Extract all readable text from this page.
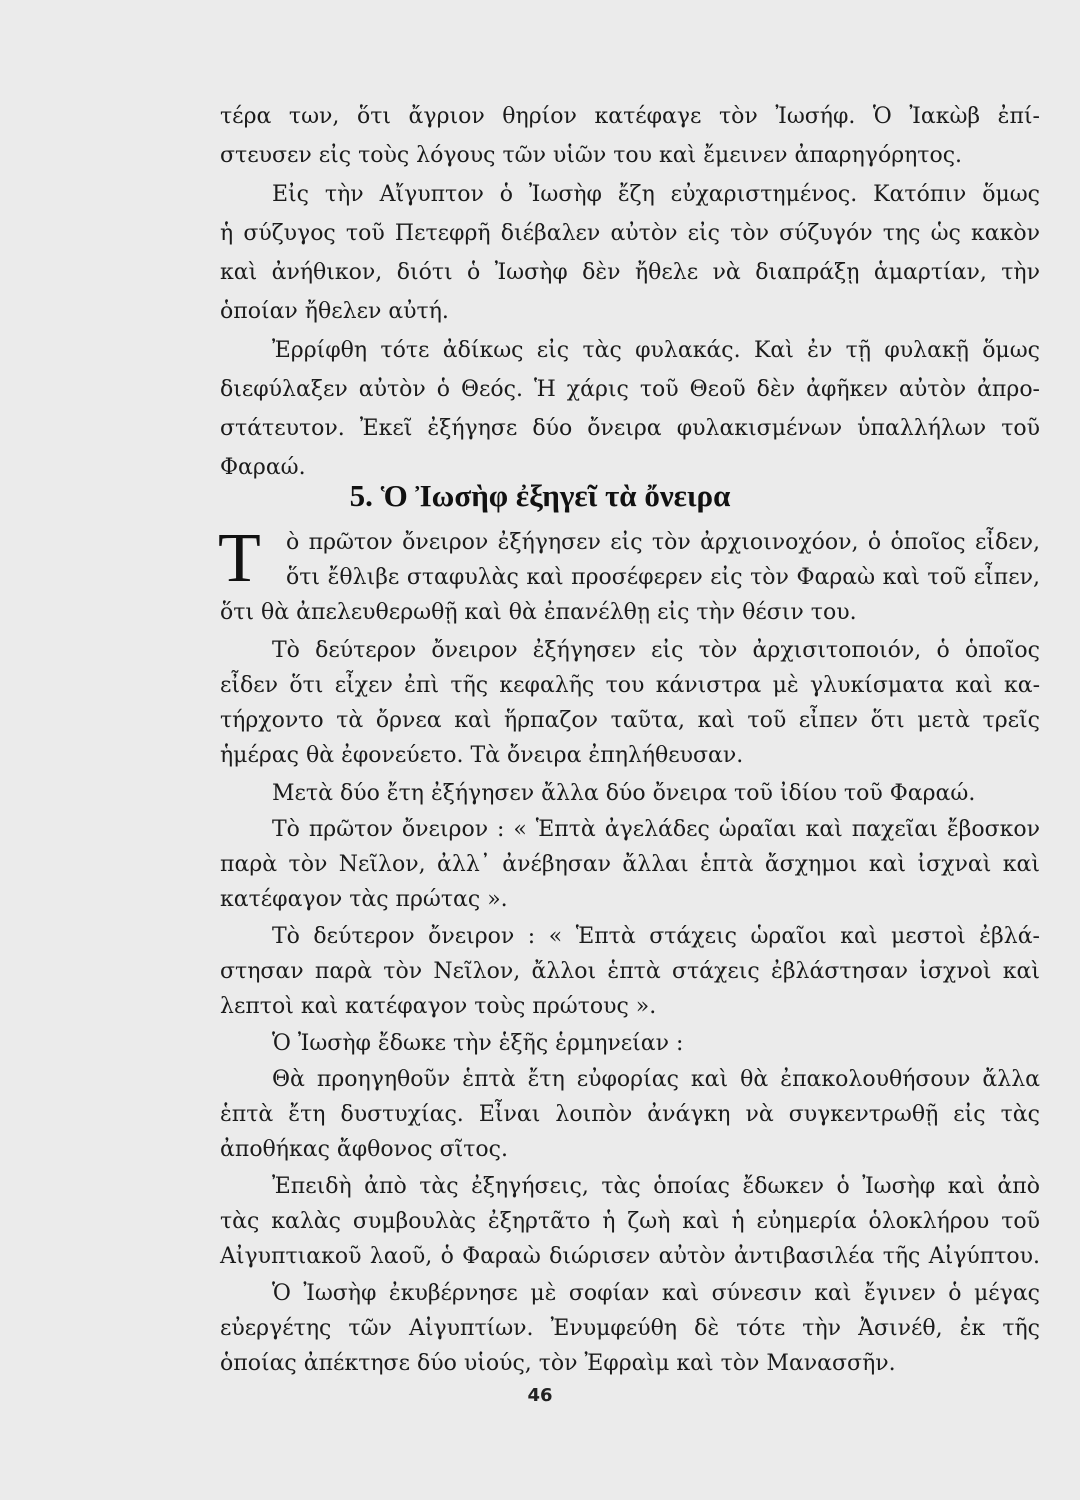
τέρα των, ὅτι ἄγριον θηρίον κατέφαγε τὸν Ἰωσήφ. Ὁ Ἰακὼβ ἐπί-
στευσεν εἰς τοὺς λόγους τῶν υἱῶν του καὶ ἔμεινεν ἀπαρηγόρητος.
Εἰς τὴν Αἴγυπτον ὁ Ἰωσὴφ ἔζη εὐχαριστημένος. Κατόπιν ὅμως
ἡ σύζυγος τοῦ Πετεφρῆ διέβαλεν αὐτὸν εἰς τὸν σύζυγόν της ὡς κακὸν
καὶ ἀνήθικον, διότι ὁ Ἰωσὴφ δὲν ἤθελε νὰ διαπράξῃ ἁμαρτίαν, τὴν
ὁποίαν ἤθελεν αὐτή.
Ἐρρίφθη τότε ἀδίκως εἰς τὰς φυλακάς. Καὶ ἐν τῇ φυλακῇ ὅμως
διεφύλαξεν αὐτὸν ὁ Θεός. Ἡ χάρις τοῦ Θεοῦ δὲν ἀφῆκεν αὐτὸν ἀπρο-
στάτευτον. Ἐκεῖ ἐξήγησε δύο ὄνειρα φυλακισμένων ὑπαλλήλων τοῦ
Φαραώ.
5. Ὁ Ἰωσὴφ ἐξηγεῖ τὰ ὄνειρα
Τ ὸ πρῶτον ὄνειρον ἐξήγησεν εἰς τὸν ἀρχιοινοχόον, ὁ ὁποῖος εἶδεν,
ὅτι ἔθλιβε σταφυλὰς καὶ προσέφερεν εἰς τὸν Φαραὼ καὶ τοῦ εἶπεν,
ὅτι θὰ ἀπελευθερωθῇ καὶ θὰ ἐπανέλθῃ εἰς τὴν θέσιν του.
Τὸ δεύτερον ὄνειρον ἐξήγησεν εἰς τὸν ἀρχισιτοποιόν, ὁ ὁποῖος
εἶδεν ὅτι εἶχεν ἐπὶ τῆς κεφαλῆς του κάνιστρα μὲ γλυκίσματα καὶ κα-
τήρχοντο τὰ ὄρνεα καὶ ἥρπαζον ταῦτα, καὶ τοῦ εἶπεν ὅτι μετὰ τρεῖς
ἡμέρας θὰ ἐφονεύετο. Τὰ ὄνειρα ἐπηλήθευσαν.
Μετὰ δύο ἔτη ἐξήγησεν ἄλλα δύο ὄνειρα τοῦ ἰδίου τοῦ Φαραώ.
Τὸ πρῶτον ὄνειρον : « Ἑπτὰ ἀγελάδες ὡραῖαι καὶ παχεῖαι ἔβοσκον
παρὰ τὸν Νεῖλον, ἀλλ᾽ ἀνέβησαν ἄλλαι ἑπτὰ ἄσχημοι καὶ ἰσχναὶ καὶ
κατέφαγον τὰς πρώτας ».
Τὸ δεύτερον ὄνειρον : « Ἑπτὰ στάχεις ὡραῖοι καὶ μεστοὶ ἐβλά-
στησαν παρὰ τὸν Νεῖλον, ἄλλοι ἑπτὰ στάχεις ἐβλάστησαν ἰσχνοὶ καὶ
λεπτοὶ καὶ κατέφαγον τοὺς πρώτους ».
Ὁ Ἰωσὴφ ἔδωκε τὴν ἑξῆς ἑρμηνείαν :
Θὰ προηγηθοῦν ἑπτὰ ἔτη εὐφορίας καὶ θὰ ἐπακολουθήσουν ἄλλα
ἑπτὰ ἔτη δυστυχίας. Εἶναι λοιπὸν ἀνάγκη νὰ συγκεντρωθῇ εἰς τὰς
ἀποθήκας ἄφθονος σῖτος.
Ἐπειδὴ ἀπὸ τὰς ἐξηγήσεις, τὰς ὁποίας ἔδωκεν ὁ Ἰωσὴφ καὶ ἀπὸ
τὰς καλὰς συμβουλὰς ἐξηρτᾶτο ἡ ζωὴ καὶ ἡ εὐημερία ὁλοκλήρου τοῦ
Αἰγυπτιακοῦ λαοῦ, ὁ Φαραὼ διώρισεν αὐτὸν ἀντιβασιλέα τῆς Αἰγύπτου.
Ὁ Ἰωσὴφ ἐκυβέρνησε μὲ σοφίαν καὶ σύνεσιν καὶ ἔγινεν ὁ μέγας
εὐεργέτης τῶν Αἰγυπτίων. Ἐνυμφεύθη δὲ τότε τὴν Ἀσινέθ, ἐκ τῆς
ὁποίας ἀπέκτησε δύο υἱούς, τὸν Ἐφραὶμ καὶ τὸν Μανασσῆν.
46
